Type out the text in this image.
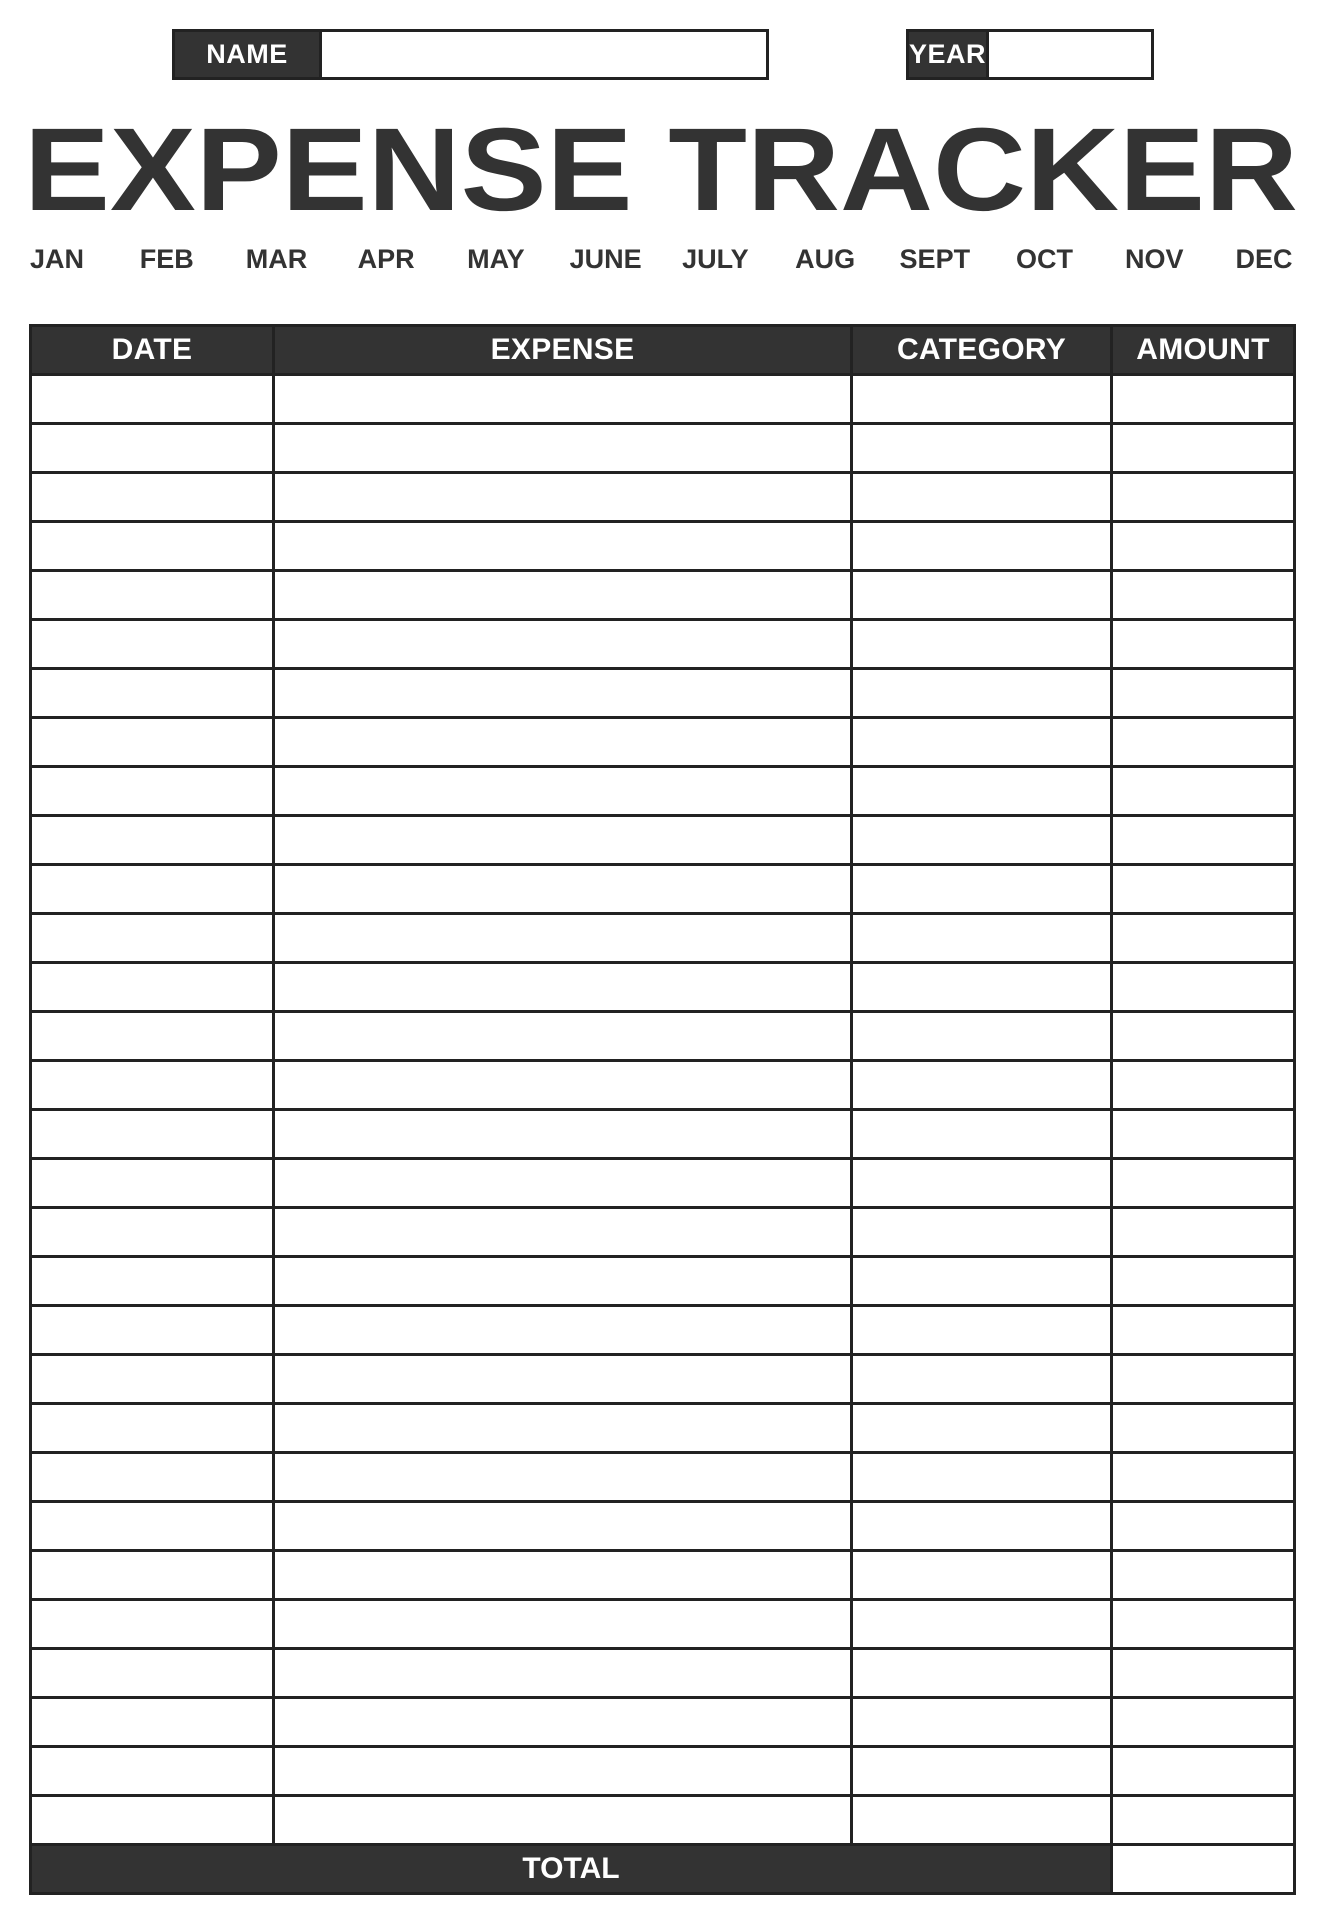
NAME	YEAR
EXPENSE TRACKER
JAN FEB MAR APR MAY JUNE JULY AUG SEPT OCT NOV DEC
DATE	EXPENSE	CATEGORY	AMOUNT

TOTAL			
